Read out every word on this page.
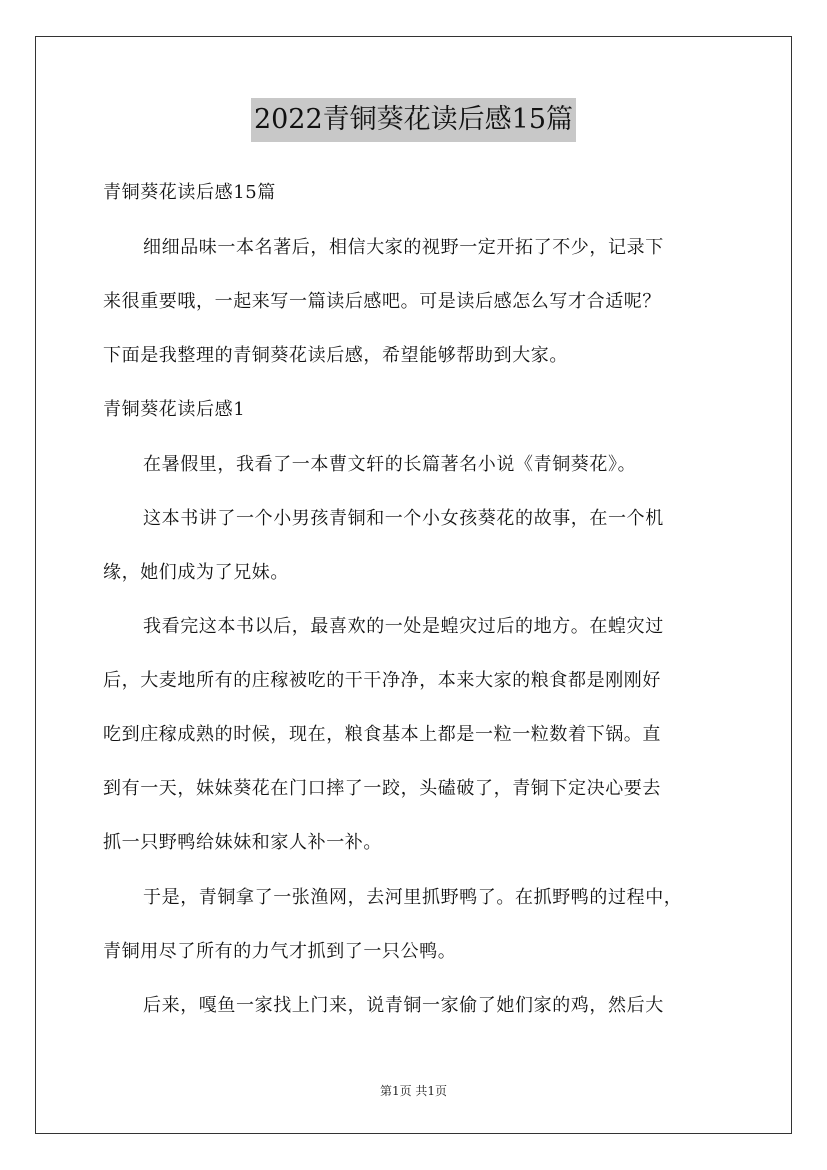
2022青铜葵花读后感15篇
青铜葵花读后感15篇
细细品味一本名著后，相信大家的视野一定开拓了不少，记录下
来很重要哦，一起来写一篇读后感吧。可是读后感怎么写才合适呢？
下面是我整理的青铜葵花读后感，希望能够帮助到大家。
青铜葵花读后感1
在暑假里，我看了一本曹文轩的长篇著名小说《青铜葵花》。
这本书讲了一个小男孩青铜和一个小女孩葵花的故事，在一个机
缘，她们成为了兄妹。
我看完这本书以后，最喜欢的一处是蝗灾过后的地方。在蝗灾过
后，大麦地所有的庄稼被吃的干干净净，本来大家的粮食都是刚刚好
吃到庄稼成熟的时候，现在，粮食基本上都是一粒一粒数着下锅。直
到有一天，妹妹葵花在门口摔了一跤，头磕破了，青铜下定决心要去
抓一只野鸭给妹妹和家人补一补。
于是，青铜拿了一张渔网，去河里抓野鸭了。在抓野鸭的过程中，
青铜用尽了所有的力气才抓到了一只公鸭。
后来，嘎鱼一家找上门来，说青铜一家偷了她们家的鸡，然后大
第1页 共1页
